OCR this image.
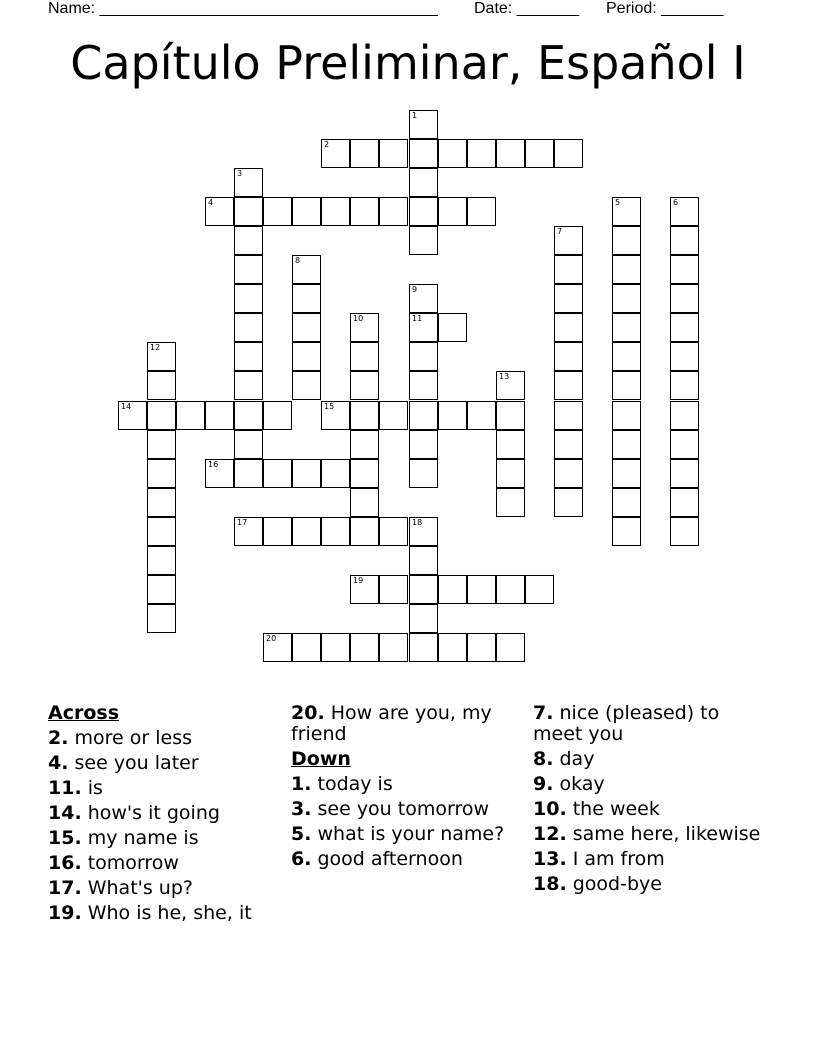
Name: ______________________________________ Date: _______ Period: _______
Capítulo Preliminar, Español I
1
2
3
4	5	6
7
8
9
11
10
12
13
14	15
16
17	18
19
20
Across
2. more or less
4. see you later
11. is
14. how's it going
15. my name is
16. tomorrow
17. What's up?
19. Who is he, she, it
20. How are you, my friend
Down
1. today is
3. see you tomorrow
5. what is your name?
6. good afternoon
7. nice (pleased) to meet you
8. day
9. okay
10. the week
12. same here, likewise
13. I am from
18. good-bye
